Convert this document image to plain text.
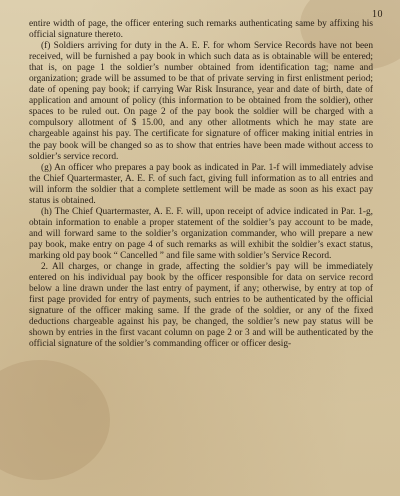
10

entire width of page, the officer entering such remarks authenticating same by affixing his official signature thereto.

(f) Soldiers arriving for duty in the A. E. F. for whom Service Records have not been received, will be furnished a pay book in which such data as is obtainable will be entered; that is, on page 1 the soldier’s number obtained from identification tag; name and organization; grade will be assumed to be that of private serving in first enlistment period; date of opening pay book; if carrying War Risk Insurance, year and date of birth, date of application and amount of policy (this information to be obtained from the soldier), other spaces to be ruled out. On page 2 of the pay book the soldier will be charged with a compulsory allotment of $ 15.00, and any other allotments which he may state are chargeable against his pay. The certificate for signature of officer making initial entries in the pay book will be changed so as to show that entries have been made without access to soldier’s service record.

(g) An officer who prepares a pay book as indicated in Par. 1-f will immediately advise the Chief Quartermaster, A. E. F. of such fact, giving full information as to all entries and will inform the soldier that a complete settlement will be made as soon as his exact pay status is obtained.

(h) The Chief Quartermaster, A. E. F. will, upon receipt of advice indicated in Par. 1-g, obtain information to enable a proper statement of the soldier’s pay account to be made, and will forward same to the soldier’s organization commander, who will prepare a new pay book, make entry on page 4 of such remarks as will exhibit the soldier’s exact status, marking old pay book “ Cancelled ” and file same with soldier’s Service Record.

2. All charges, or change in grade, affecting the soldier’s pay will be immediately entered on his individual pay book by the officer responsible for data on service record below a line drawn under the last entry of payment, if any; otherwise, by entry at top of first page provided for entry of payments, such entries to be authenticated by the official signature of the officer making same. If the grade of the soldier, or any of the fixed deductions chargeable against his pay, be changed, the soldier’s new pay status will be shown by entries in the first vacant column on page 2 or 3 and will be authenticated by the official signature of the soldier’s commanding officer or officer desig-
